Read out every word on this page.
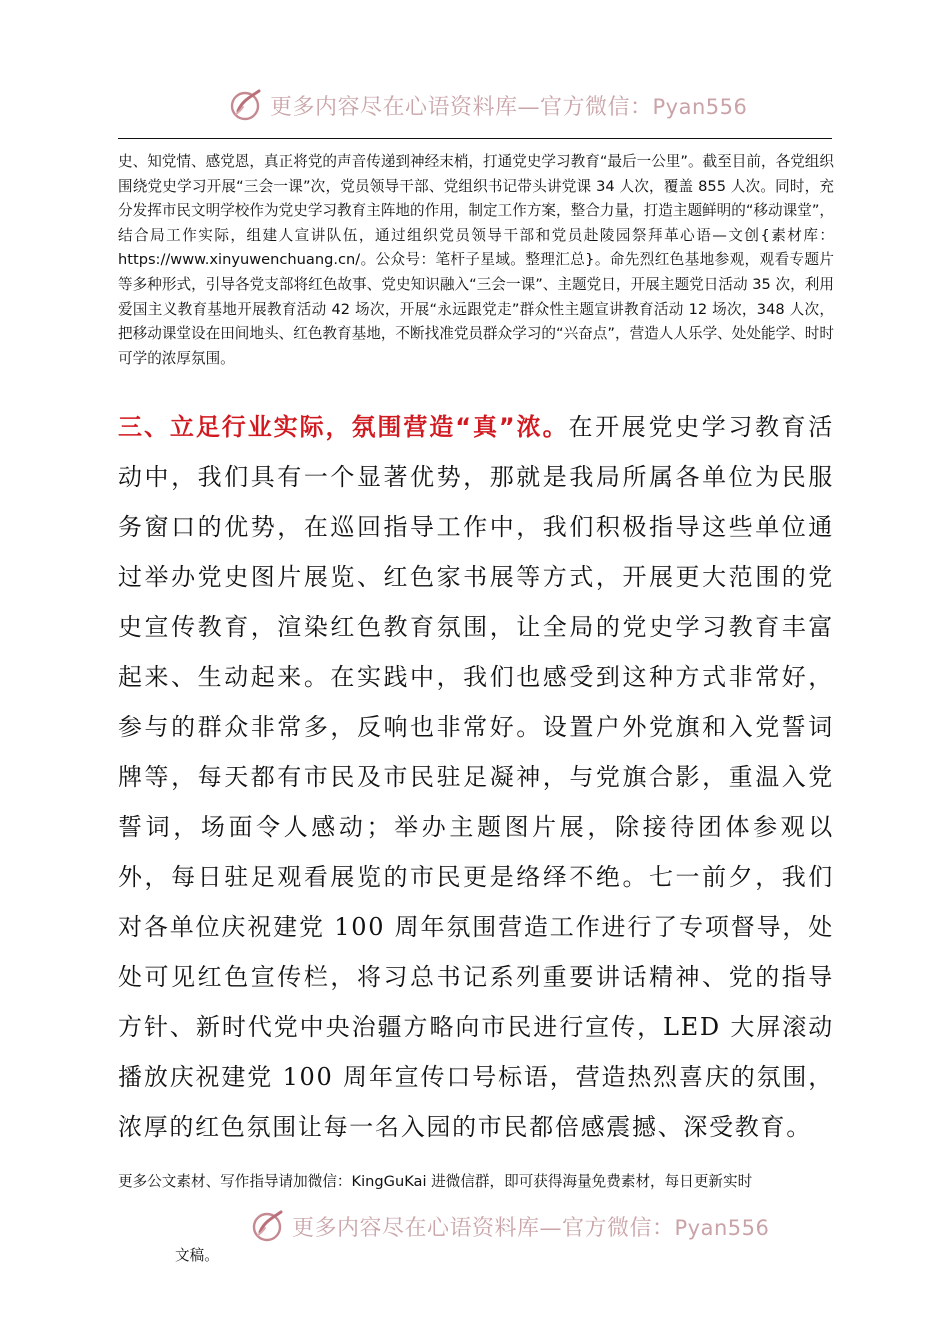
更多内容尽在心语资料库—官方微信：Pyan556
史、知党情、感党恩，真正将党的声音传递到神经末梢，打通党史学习教育“最后一公里”。截至目前，各党组织围绕党史学习开展“三会一课”次，党员领导干部、党组织书记带头讲党课 34 人次，覆盖 855 人次。同时，充分发挥市民文明学校作为党史学习教育主阵地的作用，制定工作方案，整合力量，打造主题鲜明的“移动课堂”，结合局工作实际，组建人宣讲队伍，通过组织党员领导干部和党员赴陵园祭拜革心语—文创{素材库：https://www.xinyuwenchuang.cn/。公众号：笔杆子星域。整理汇总}。命先烈红色基地参观，观看专题片等多种形式，引导各党支部将红色故事、党史知识融入“三会一课”、主题党日，开展主题党日活动 35 次，利用爱国主义教育基地开展教育活动 42 场次，开展“永远跟党走”群众性主题宣讲教育活动 12 场次，348 人次，把移动课堂设在田间地头、红色教育基地，不断找准党员群众学习的“兴奋点”，营造人人乐学、处处能学、时时可学的浓厚氛围。
三、立足行业实际，氛围营造“真”浓。在开展党史学习教育活动中，我们具有一个显著优势，那就是我局所属各单位为民服务窗口的优势，在巡回指导工作中，我们积极指导这些单位通过举办党史图片展览、红色家书展等方式，开展更大范围的党史宣传教育，渲染红色教育氛围，让全局的党史学习教育丰富起来、生动起来。在实践中，我们也感受到这种方式非常好，参与的群众非常多，反响也非常好。设置户外党旗和入党誓词牌等，每天都有市民及市民驻足凝神，与党旗合影，重温入党誓词，场面令人感动；举办主题图片展，除接待团体参观以外，每日驻足观看展览的市民更是络绎不绝。七一前夕，我们对各单位庆祝建党 100 周年氛围营造工作进行了专项督导，处处可见红色宣传栏，将习总书记系列重要讲话精神、党的指导方针、新时代党中央治疆方略向市民进行宣传，LED 大屏滚动播放庆祝建党 100 周年宣传口号标语，营造热烈喜庆的氛围，浓厚的红色氛围让每一名入园的市民都倍感震撼、深受教育。
更多公文素材、写作指导请加微信：KingGuKai 进微信群，即可获得海量免费素材，每日更新实时
更多内容尽在心语资料库—官方微信：Pyan556
文稿。
